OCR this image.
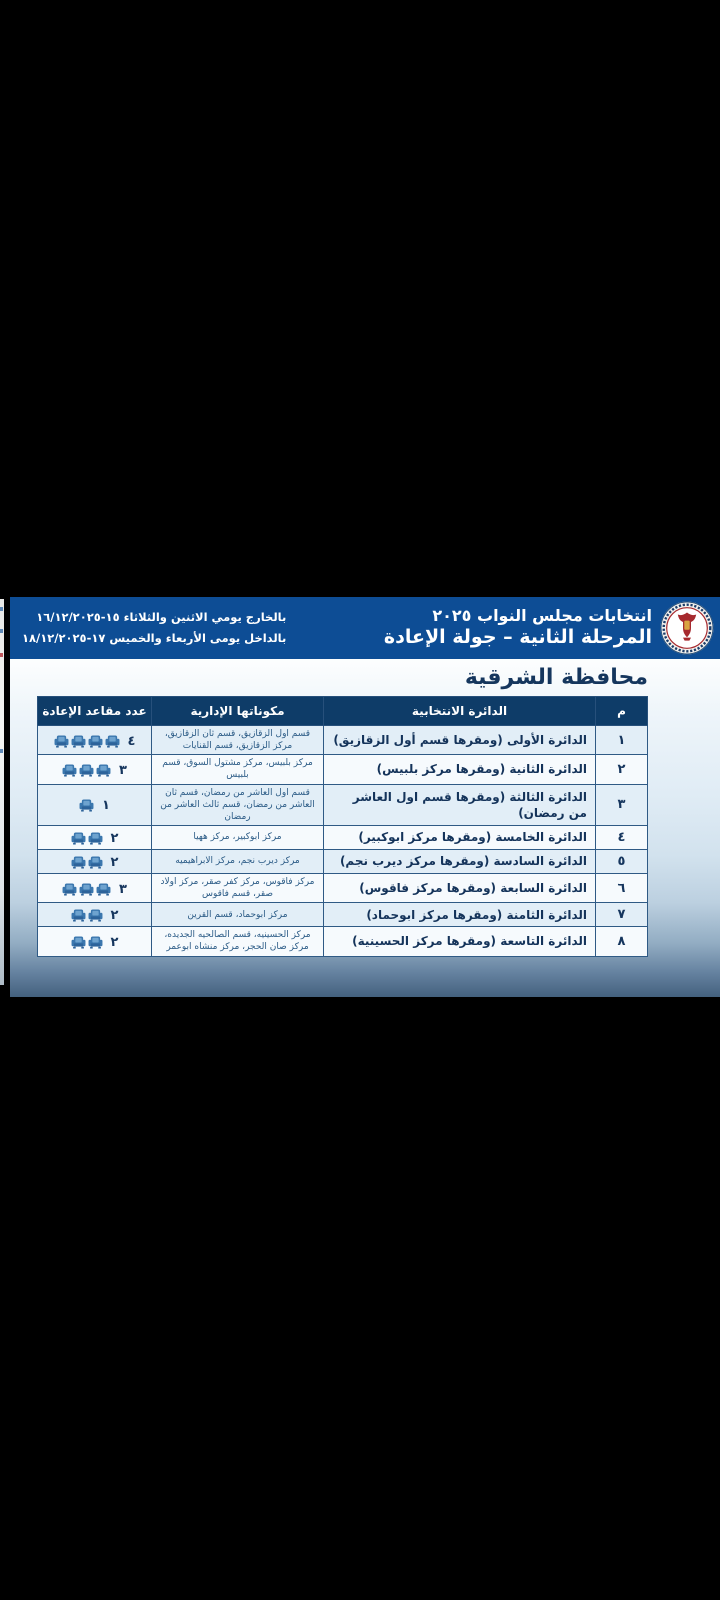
انتخابات مجلس النواب ٢٠٢٥
المرحلة الثانية – جولة الإعادة
بالخارج يومي الاثنين والثلاثاء ١٥-١٦/١٢/٢٠٢٥
بالداخل يومى الأربعاء والخميس ١٧-١٨/١٢/٢٠٢٥
محافظة الشرقية
م	الدائرة الانتخابية	مكوناتها الإدارية	عدد مقاعد الإعادة
١	الدائرة الأولى (ومقرها قسم أول الزقازيق)	قسم اول الزقازيق، قسم ثان الزقازيق، مركز الزقازيق، قسم القنايات	٤

٢	الدائرة الثانية (ومقرها مركز بلبيس)	مركز بلبيس، مركز مشتول السوق، قسم بلبيس	٣

٣	الدائرة الثالثة (ومقرها قسم اول العاشر من رمضان)	قسم اول العاشر من رمضان، قسم ثان العاشر من رمضان، قسم ثالث العاشر من رمضان	١

٤	الدائرة الخامسة (ومقرها مركز ابوكبير)	مركز ابوكبير، مركز ههيا	٢

٥	الدائرة السادسة (ومقرها مركز ديرب نجم)	مركز ديرب نجم، مركز الابراهيميه	٢

٦	الدائرة السابعة (ومقرها مركز فاقوس)	مركز فاقوس، مركز كفر صقر، مركز اولاد صقر، قسم فاقوس	٣

٧	الدائرة الثامنة (ومقرها مركز ابوحماد)	مركز ابوحماد، قسم القرين	٢

٨	الدائرة التاسعة (ومقرها مركز الحسينية)	مركز الحسينيه، قسم الصالحيه الجديده، مركز صان الحجر، مركز منشاه ابوعمر	٢
